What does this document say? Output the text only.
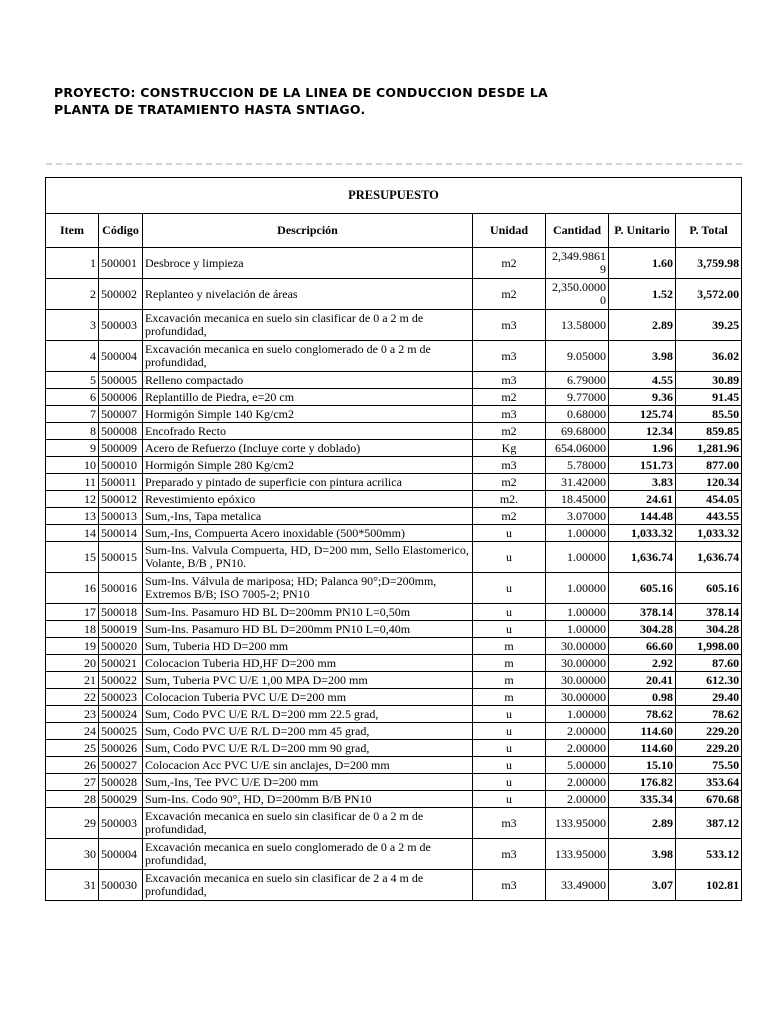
PROYECTO: CONSTRUCCION DE LA LINEA DE CONDUCCION DESDE LA
PLANTA DE TRATAMIENTO HASTA SNTIAGO.
PRESUPUESTO						
Item	Código	Descripción	Unidad	Cantidad	P. Unitario	P. Total
1	500001	Desbroce y limpieza	m2	2,349.98619	1.60	3,759.98
2	500002	Replanteo y nivelación de áreas	m2	2,350.00000	1.52	3,572.00
3	500003	Excavación mecanica en suelo sin clasificar de 0 a 2 m de profundidad,	m3	13.58000	2.89	39.25
4	500004	Excavación mecanica en suelo conglomerado de 0 a 2 m de profundidad,	m3	9.05000	3.98	36.02
5	500005	Relleno compactado	m3	6.79000	4.55	30.89
6	500006	Replantillo de Piedra, e=20 cm	m2	9.77000	9.36	91.45
7	500007	Hormigón Simple 140 Kg/cm2	m3	0.68000	125.74	85.50
8	500008	Encofrado Recto	m2	69.68000	12.34	859.85
9	500009	Acero de Refuerzo (Incluye corte y doblado)	Kg	654.06000	1.96	1,281.96
10	500010	Hormigón Simple 280 Kg/cm2	m3	5.78000	151.73	877.00
11	500011	Preparado y pintado de superficie con pintura acrilica	m2	31.42000	3.83	120.34
12	500012	Revestimiento epóxico	m2.	18.45000	24.61	454.05
13	500013	Sum,-Ins, Tapa metalica	m2	3.07000	144.48	443.55
14	500014	Sum,-Ins, Compuerta Acero inoxidable (500*500mm)	u	1.00000	1,033.32	1,033.32
15	500015	Sum-Ins. Valvula Compuerta, HD, D=200 mm, Sello Elastomerico, Volante, B/B , PN10.	u	1.00000	1,636.74	1,636.74
16	500016	Sum-Ins. Válvula de mariposa; HD; Palanca 90°;D=200mm, Extremos B/B; ISO 7005-2; PN10	u	1.00000	605.16	605.16
17	500018	Sum-Ins. Pasamuro HD BL D=200mm PN10 L=0,50m	u	1.00000	378.14	378.14
18	500019	Sum-Ins. Pasamuro HD BL D=200mm PN10 L=0,40m	u	1.00000	304.28	304.28
19	500020	Sum, Tuberia HD D=200 mm	m	30.00000	66.60	1,998.00
20	500021	Colocacion Tuberia HD,HF D=200 mm	m	30.00000	2.92	87.60
21	500022	Sum, Tuberia PVC U/E 1,00 MPA D=200 mm	m	30.00000	20.41	612.30
22	500023	Colocacion Tuberia PVC U/E D=200 mm	m	30.00000	0.98	29.40
23	500024	Sum, Codo PVC U/E R/L D=200 mm 22.5 grad,	u	1.00000	78.62	78.62
24	500025	Sum, Codo PVC U/E R/L D=200 mm 45 grad,	u	2.00000	114.60	229.20
25	500026	Sum, Codo PVC U/E R/L D=200 mm 90 grad,	u	2.00000	114.60	229.20
26	500027	Colocacion Acc PVC U/E sin anclajes, D=200 mm	u	5.00000	15.10	75.50
27	500028	Sum,-Ins, Tee PVC U/E D=200 mm	u	2.00000	176.82	353.64
28	500029	Sum-Ins. Codo 90°, HD, D=200mm B/B PN10	u	2.00000	335.34	670.68
29	500003	Excavación mecanica en suelo sin clasificar de 0 a 2 m de profundidad,	m3	133.95000	2.89	387.12
30	500004	Excavación mecanica en suelo conglomerado de 0 a 2 m de profundidad,	m3	133.95000	3.98	533.12
31	500030	Excavación mecanica en suelo sin clasificar de 2 a 4 m de profundidad,	m3	33.49000	3.07	102.81
